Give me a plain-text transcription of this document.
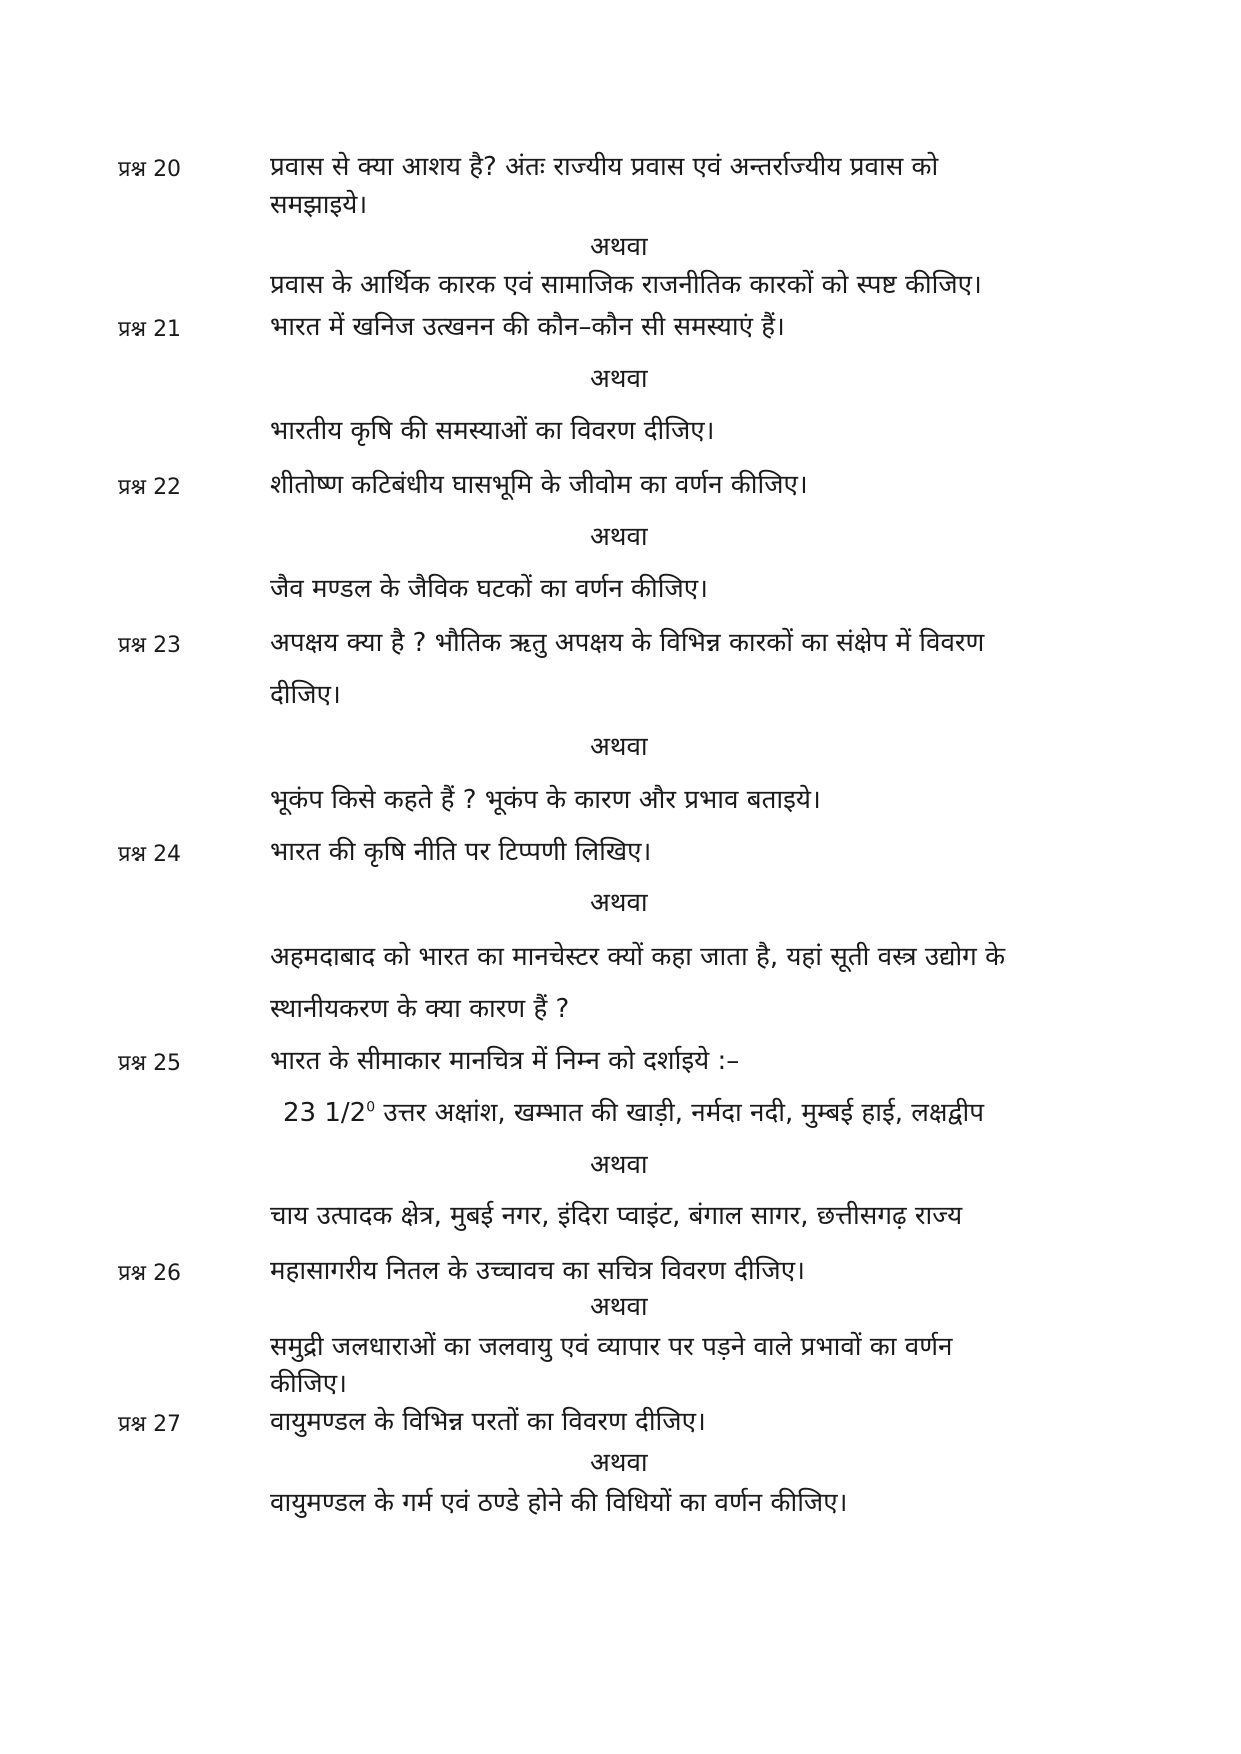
प्रश्न 20	प्रवास से क्या आशय है? अंतः राज्यीय प्रवास एवं अन्तर्राज्यीय प्रवास को

समझाइये।

अथवा

प्रवास के आर्थिक कारक एवं सामाजिक राजनीतिक कारकों को स्पष्ट कीजिए।

प्रश्न 21	भारत में खनिज उत्खनन की कौन–कौन सी समस्याएं हैं।

अथवा

भारतीय कृषि की समस्याओं का विवरण दीजिए।

प्रश्न 22	शीतोष्ण कटिबंधीय घासभूमि के जीवोम का वर्णन कीजिए।

अथवा

जैव मण्डल के जैविक घटकों का वर्णन कीजिए।

प्रश्न 23	अपक्षय क्या है ? भौतिक ऋतु अपक्षय के विभिन्न कारकों का संक्षेप में विवरण

दीजिए।

अथवा

भूकंप किसे कहते हैं ? भूकंप के कारण और प्रभाव बताइये।

प्रश्न 24	भारत की कृषि नीति पर टिप्पणी लिखिए।

अथवा

अहमदाबाद को भारत का मानचेस्टर क्यों कहा जाता है, यहां सूती वस्त्र उद्योग के

स्थानीयकरण के क्या कारण हैं ?

प्रश्न 25	भारत के सीमाकार मानचित्र में निम्न को दर्शाइये :–

23 $1/2^0$ उत्तर अक्षांश, खम्भात की खाड़ी, नर्मदा नदी, मुम्बई हाई, लक्षद्वीप

अथवा

चाय उत्पादक क्षेत्र, मुबई नगर, इंदिरा प्वाइंट, बंगाल सागर, छत्तीसगढ़ राज्य

प्रश्न 26	महासागरीय नितल के उच्चावच का सचित्र विवरण दीजिए।

अथवा

समुद्री जलधाराओं का जलवायु एवं व्यापार पर पड़ने वाले प्रभावों का वर्णन

कीजिए।

प्रश्न 27	वायुमण्डल के विभिन्न परतों का विवरण दीजिए।

अथवा

वायुमण्डल के गर्म एवं ठण्डे होने की विधियों का वर्णन कीजिए।
